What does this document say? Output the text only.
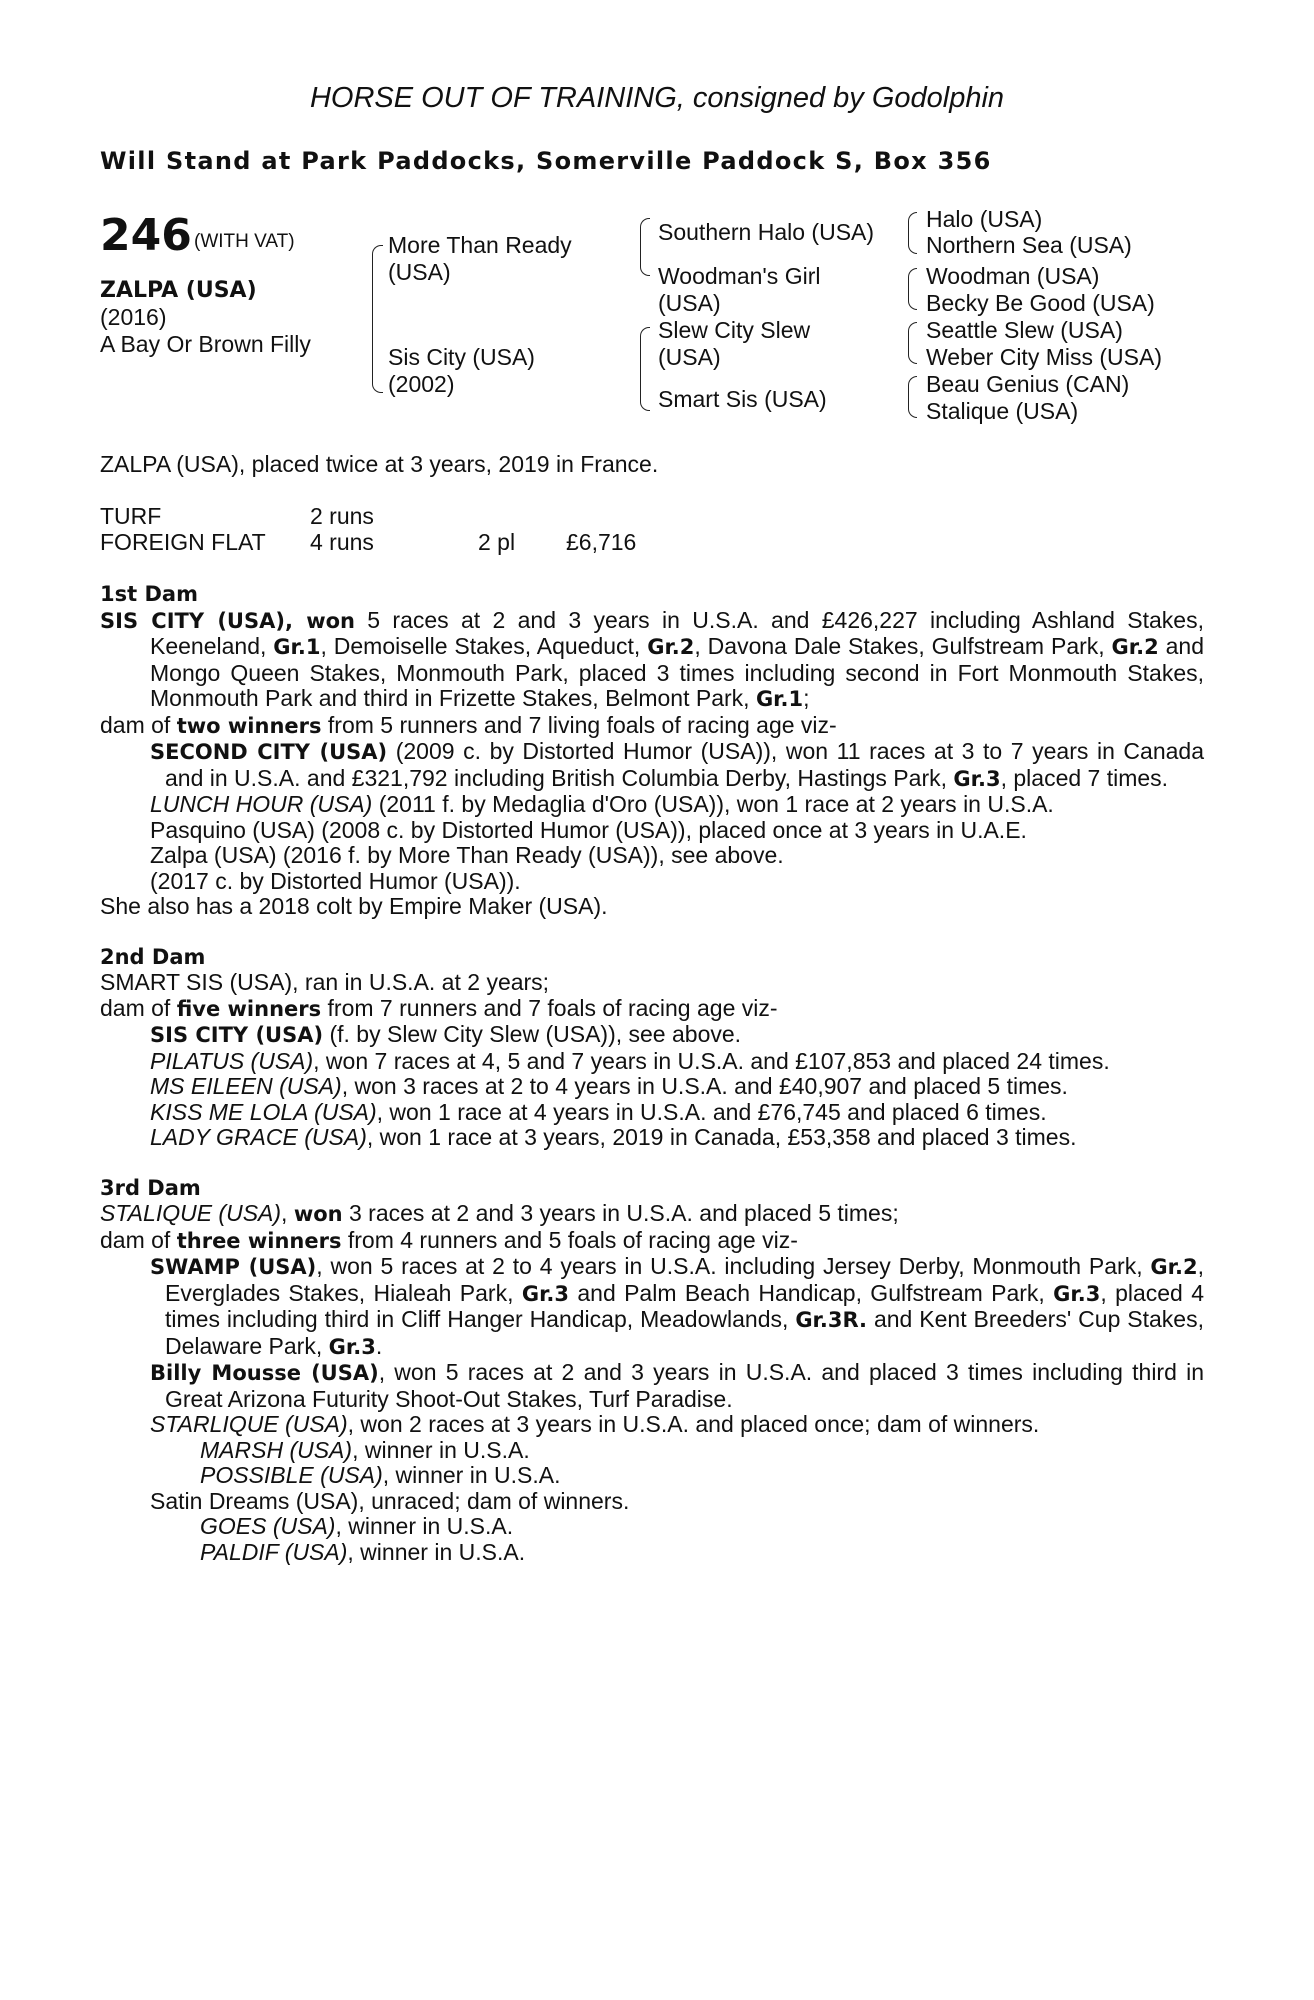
HORSE OUT OF TRAINING, consigned by Godolphin
Will Stand at Park Paddocks, Somerville Paddock S, Box 356
246 (WITH VAT)
ZALPA (USA)
(2016)
A Bay Or Brown Filly
More Than Ready
(USA)
Sis City (USA)
(2002)
Southern Halo (USA)
Woodman's Girl
(USA)
Slew City Slew
(USA)
Smart Sis (USA)
Halo (USA)
Northern Sea (USA)
Woodman (USA)
Becky Be Good (USA)
Seattle Slew (USA)
Weber City Miss (USA)
Beau Genius (CAN)
Stalique (USA)
ZALPA (USA), placed twice at 3 years, 2019 in France.
TURF	2 runs
FOREIGN FLAT 4 runs	2 pl £6,716

1st Dam

SIS CITY (USA), won 5 races at 2 and 3 years in U.S.A. and £426,227 including Ashland Stakes, Keeneland, Gr.1, Demoiselle Stakes, Aqueduct, Gr.2, Davona Dale Stakes, Gulfstream Park, Gr.2 and Mongo Queen Stakes, Monmouth Park, placed 3 times including second in Fort Monmouth Stakes, Monmouth Park and third in Frizette Stakes, Belmont Park, Gr.1;

dam of two winners from 5 runners and 7 living foals of racing age viz-

SECOND CITY (USA) (2009 c. by Distorted Humor (USA)), won 11 races at 3 to 7 years in Canada and in U.S.A. and £321,792 including British Columbia Derby, Hastings Park, Gr.3, placed 7 times.

LUNCH HOUR (USA) (2011 f. by Medaglia d'Oro (USA)), won 1 race at 2 years in U.S.A.

Pasquino (USA) (2008 c. by Distorted Humor (USA)), placed once at 3 years in U.A.E.

Zalpa (USA) (2016 f. by More Than Ready (USA)), see above.

(2017 c. by Distorted Humor (USA)).

She also has a 2018 colt by Empire Maker (USA).

2nd Dam

SMART SIS (USA), ran in U.S.A. at 2 years;

dam of five winners from 7 runners and 7 foals of racing age viz-

SIS CITY (USA) (f. by Slew City Slew (USA)), see above.

PILATUS (USA), won 7 races at 4, 5 and 7 years in U.S.A. and £107,853 and placed 24 times.

MS EILEEN (USA), won 3 races at 2 to 4 years in U.S.A. and £40,907 and placed 5 times.

KISS ME LOLA (USA), won 1 race at 4 years in U.S.A. and £76,745 and placed 6 times.

LADY GRACE (USA), won 1 race at 3 years, 2019 in Canada, £53,358 and placed 3 times.

3rd Dam

STALIQUE (USA), won 3 races at 2 and 3 years in U.S.A. and placed 5 times;

dam of three winners from 4 runners and 5 foals of racing age viz-

SWAMP (USA), won 5 races at 2 to 4 years in U.S.A. including Jersey Derby, Monmouth Park, Gr.2, Everglades Stakes, Hialeah Park, Gr.3 and Palm Beach Handicap, Gulfstream Park, Gr.3, placed 4 times including third in Cliff Hanger Handicap, Meadowlands, Gr.3R. and Kent Breeders' Cup Stakes, Delaware Park, Gr.3.

Billy Mousse (USA), won 5 races at 2 and 3 years in U.S.A. and placed 3 times including third in Great Arizona Futurity Shoot-Out Stakes, Turf Paradise.

STARLIQUE (USA), won 2 races at 3 years in U.S.A. and placed once; dam of winners.

MARSH (USA), winner in U.S.A.

POSSIBLE (USA), winner in U.S.A.

Satin Dreams (USA), unraced; dam of winners.

GOES (USA), winner in U.S.A.

PALDIF (USA), winner in U.S.A.
